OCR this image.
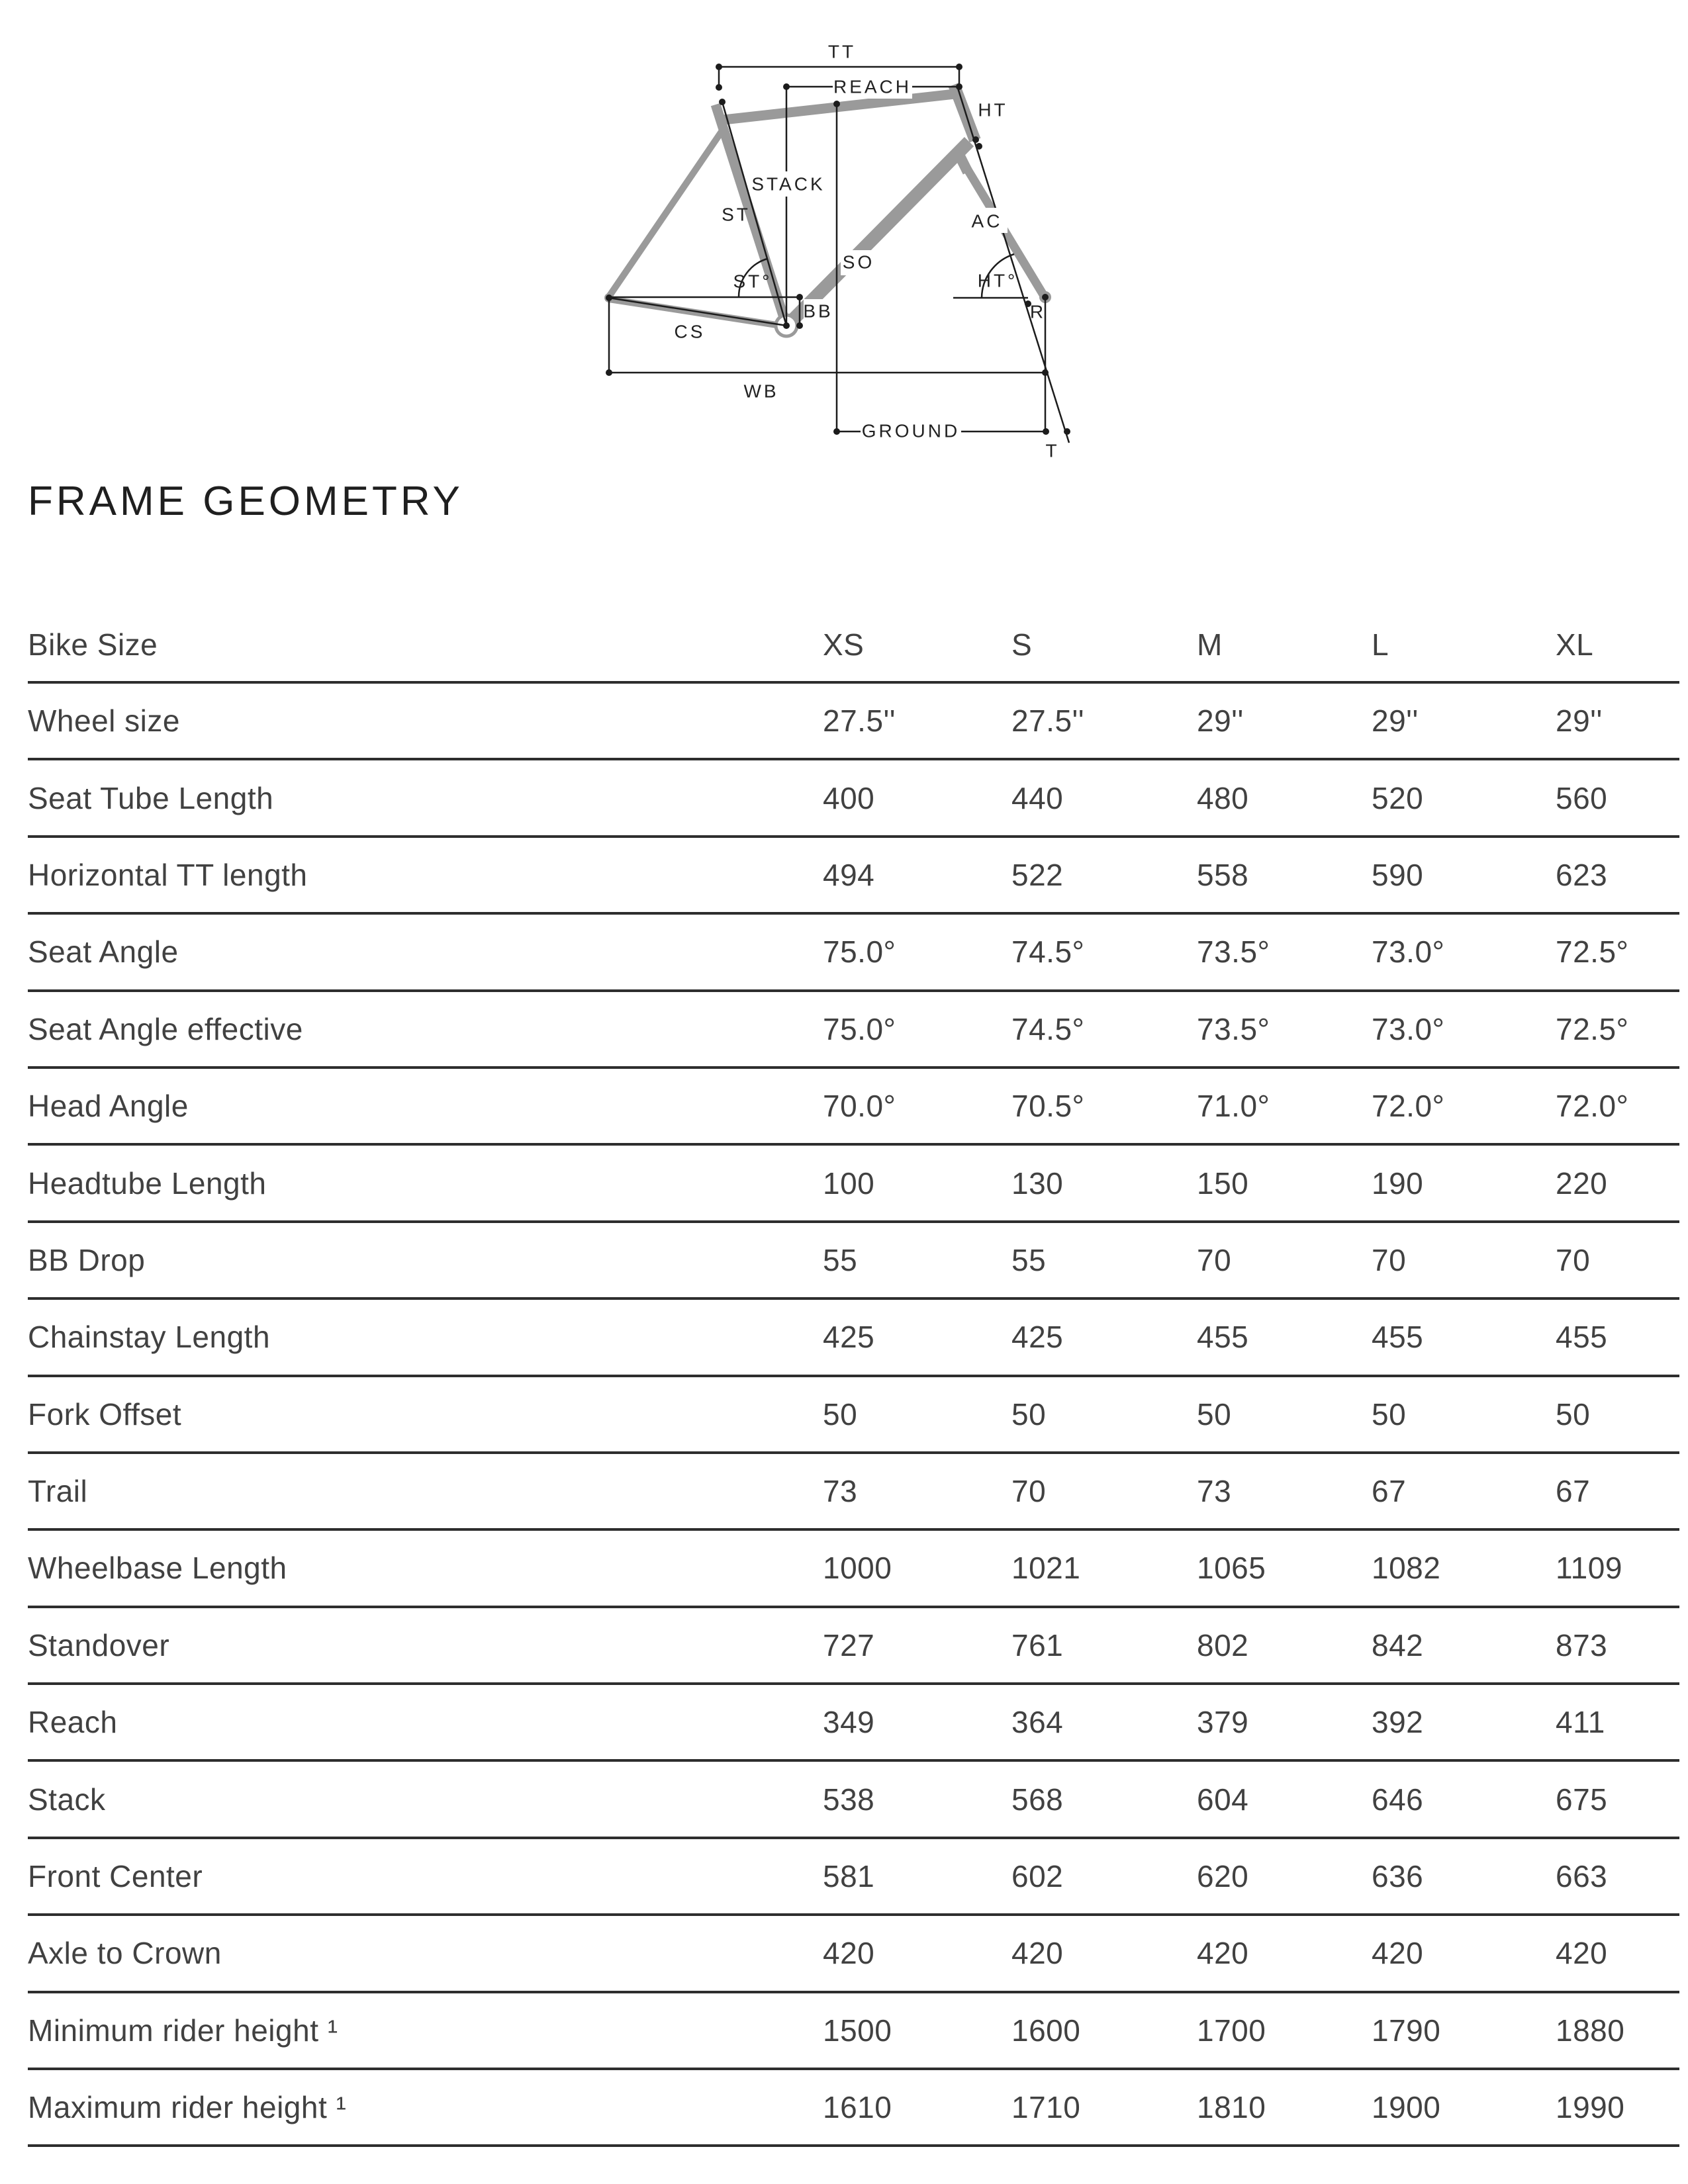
TT
REACH
HT
STACK
ST	AC
SO
ST°	HT°
BB	R
CS
WB
GROUND
T
FRAME GEOMETRY
Bike Size	XS	S	M	L	XL
Wheel size	27.5''	27.5''	29''	29''	29''
Seat Tube Length	400	440	480	520	560
Horizontal TT length	494	522	558	590	623
Seat Angle	75.0°	74.5°	73.5°	73.0°	72.5°
Seat Angle effective	75.0°	74.5°	73.5°	73.0°	72.5°
Head Angle	70.0°	70.5°	71.0°	72.0°	72.0°
Headtube Length	100	130	150	190	220
BB Drop	55	55	70	70	70
Chainstay Length	425	425	455	455	455
Fork Offset	50	50	50	50	50
Trail	73	70	73	67	67
Wheelbase Length	1000	1021	1065	1082	1109
Standover	727	761	802	842	873
Reach	349	364	379	392	411
Stack	538	568	604	646	675
Front Center	581	602	620	636	663
Axle to Crown	420	420	420	420	420
Minimum rider height ¹	1500	1600	1700	1790	1880
Maximum rider height ¹	1610	1710	1810	1900	1990
